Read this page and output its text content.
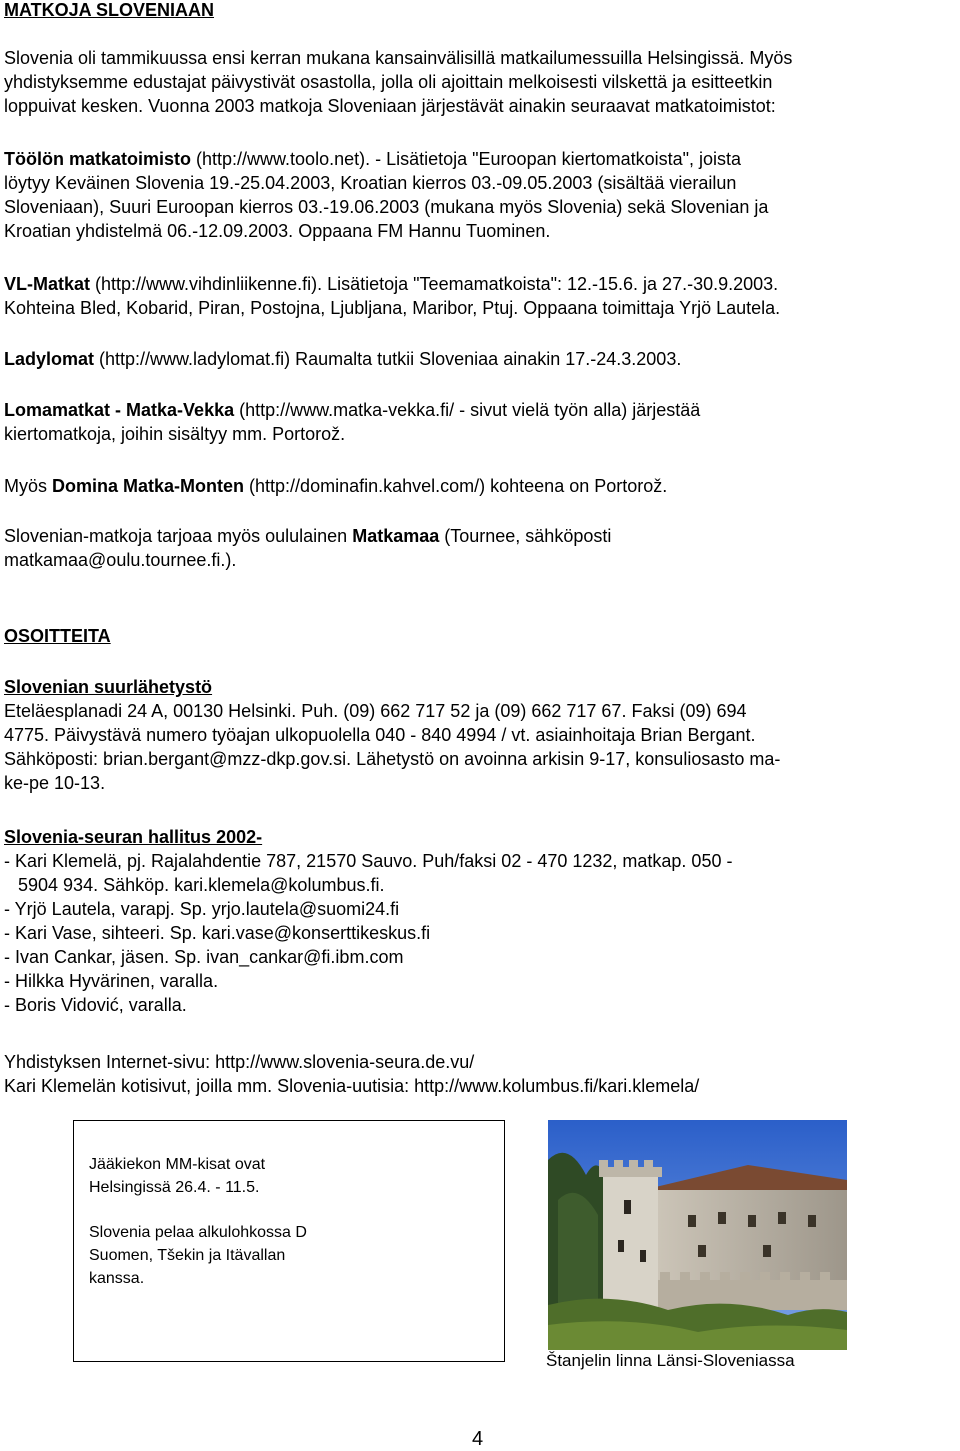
MATKOJA SLOVENIAAN

Slovenia oli tammikuussa ensi kerran mukana kansainvälisillä matkailumessuilla Helsingissä. Myös
yhdistyksemme edustajat päivystivät osastolla, jolla oli ajoittain melkoisesti vilskettä ja esitteetkin
loppuivat kesken. Vuonna 2003 matkoja Sloveniaan järjestävät ainakin seuraavat matkatoimistot:

Töölön matkatoimisto (http://www.toolo.net). - Lisätietoja "Euroopan kiertomatkoista", joista
löytyy Keväinen Slovenia 19.-25.04.2003, Kroatian kierros 03.-09.05.2003 (sisältää vierailun
Sloveniaan), Suuri Euroopan kierros 03.-19.06.2003 (mukana myös Slovenia) sekä Slovenian ja
Kroatian yhdistelmä 06.-12.09.2003. Oppaana FM Hannu Tuominen.

VL-Matkat (http://www.vihdinliikenne.fi). Lisätietoja "Teemamatkoista": 12.-15.6. ja 27.-30.9.2003.
Kohteina Bled, Kobarid, Piran, Postojna, Ljubljana, Maribor, Ptuj. Oppaana toimittaja Yrjö Lautela.

Ladylomat (http://www.ladylomat.fi) Raumalta tutkii Sloveniaa ainakin 17.-24.3.2003.

Lomamatkat - Matka-Vekka (http://www.matka-vekka.fi/ - sivut vielä työn alla) järjestää
kiertomatkoja, joihin sisältyy mm. Portorož.

Myös Domina Matka-Monten (http://dominafin.kahvel.com/) kohteena on Portorož.

Slovenian-matkoja tarjoaa myös oululainen Matkamaa (Tournee, sähköposti
matkamaa@oulu.tournee.fi.).

OSOITTEITA

Slovenian suurlähetystö
Eteläesplanadi 24 A, 00130 Helsinki. Puh. (09) 662 717 52 ja (09) 662 717 67. Faksi (09) 694
4775. Päivystävä numero työajan ulkopuolella 040 - 840 4994 / vt. asiainhoitaja Brian Bergant.
Sähköposti: brian.bergant@mzz-dkp.gov.si. Lähetystö on avoinna arkisin 9-17, konsuliosasto ma-
ke-pe 10-13.

Slovenia-seuran hallitus 2002-
- Kari Klemelä, pj. Rajalahdentie 787, 21570 Sauvo. Puh/faksi 02 - 470 1232, matkap. 050 -
5904 934. Sähköp. kari.klemela@kolumbus.fi.
- Yrjö Lautela, varapj. Sp. yrjo.lautela@suomi24.fi
- Kari Vase, sihteeri. Sp. kari.vase@konserttikeskus.fi
- Ivan Cankar, jäsen. Sp. ivan_cankar@fi.ibm.com
- Hilkka Hyvärinen, varalla.
- Boris Vidović, varalla.

Yhdistyksen Internet-sivu: http://www.slovenia-seura.de.vu/
Kari Klemelän kotisivut, joilla mm. Slovenia-uutisia: http://www.kolumbus.fi/kari.klemela/

Jääkiekon MM-kisat ovat

Helsingissä 26.4. - 11.5.

Slovenia pelaa alkulohkossa D

Suomen, Tšekin ja Itävallan

kanssa.

Štanjelin linna Länsi-Sloveniassa
4
